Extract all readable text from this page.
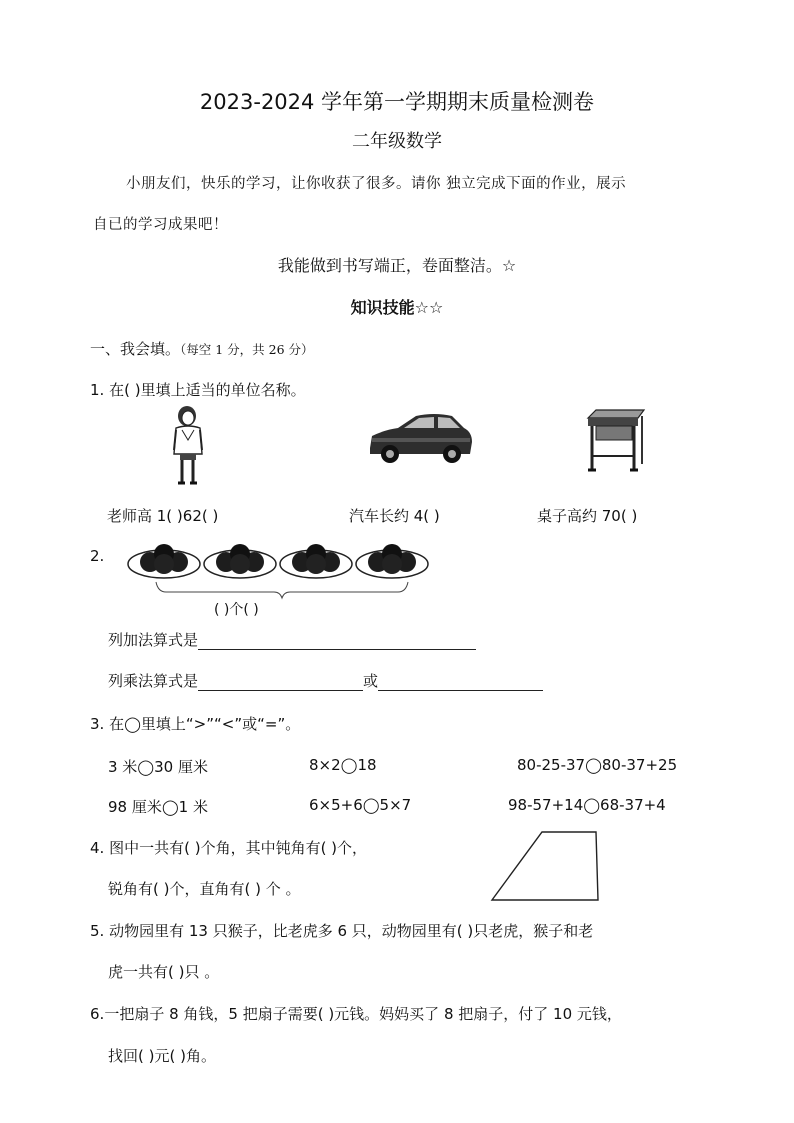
2023-2024 学年第一学期期末质量检测卷
二年级数学
小朋友们，快乐的学习，让你收获了很多。请你 独立完成下面的作业，展示
自已的学习成果吧！
我能做到书写端正，卷面整洁。☆
知识技能☆☆
一、我会填。（每空 1 分，共 26 分）
1. 在( )里填上适当的单位名称。
老师高 1( )62( )	汽车长约 4( )	桌子高约 70( )
2.
( )个( )
列加法算式是
列乘法算式是	或
3. 在◯里填上“>”“<”或“=”。
3 米◯30 厘米	8×2◯18	80-25-37◯80-37+25
98 厘米◯1 米	6×5+6◯5×7	98-57+14◯68-37+4
4. 图中一共有( )个角，其中钝角有( )个，
锐角有( )个，直角有( ) 个 。
5. 动物园里有 13 只猴子，比老虎多 6 只，动物园里有( )只老虎，猴子和老
虎一共有( )只 。
6.一把扇子 8 角钱，5 把扇子需要( )元钱。妈妈买了 8 把扇子，付了 10 元钱，
找回( )元( )角。
